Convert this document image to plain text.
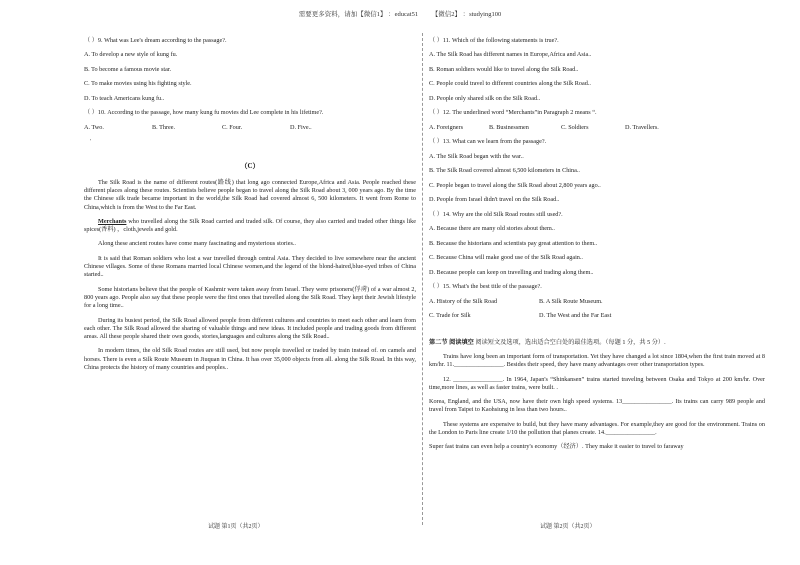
需要更多资料，请加【微信1】 ：educat51 【微信2】 ：studying100
（ ）9. What was Lee's dream according to the passage?.
A. To develop a new style of kung fu.
B. To become a famous movie star.
C. To make movies using his fighting style.
D. To teach Americans kung fu..
（ ）10. According to the passage, how many kung fu movies did Lee complete in his lifetime?.
A. Two.	B. Three.	C. Four.	D. Five..
'
（C）

The Silk Road is the name of different routes(路线) that long ago connected Europe,Africa and Asia. People reached these different places along these routes. Scientists believe people began to travel along the Silk Road about 3, 000 years ago. By the time the Chinese silk trade became important in the world,the Silk Road had covered almost 6, 500 kilometers. It went from Rome to China,which is from the West to the Far East.

Merchants who travelled along the Silk Road carried and traded silk. Of course, they also carried and traded other things like spices(香料) ，cloth,jewels and gold.

Along these ancient routes have come many fascinating and mysterious stories..

It is said that Roman soldiers who lost a war travelled through central Asia. They decided to live somewhere near the ancient Chinese villages. Some of these Romans married local Chinese women,and the legend of the blond-haired,blue-eyed tribes of China started..

Some historians believe that the people of Kashmir were taken away from Israel. They were prisoners(俘虏) of a war almost 2, 800 years ago. People also say that these people were the first ones that travelled along the Silk Road. They kept their Jewish lifestyle for a long time..

During its busiest period, the Silk Road allowed people from different cultures and countries to meet each other and learn from each other. The Silk Road allowed the sharing of valuable things and new ideas. It included people and trading goods from different areas. All these people shared their own goods, stories,languages and cultures along the Silk Road..

In modern times, the old Silk Road routes are still used, but now people travelled or traded by train instead of. on camels and horses. There is even a Silk Route Museum in Jiuquan in China. It has over 35,000 objects from all. along the Silk Road. In this way, China protects the history of many countries and peoples..

（ ）11. Which of the following statements is true?.
A. The Silk Road has different names in Europe,Africa and Asia..
B. Roman soldiers would like to travel along the Silk Road..
C. People could travel to different countries along the Silk Road..
D. People only shared silk on the Silk Road..
（ ）12. The underlined word “Merchants”in Paragraph 2 means “.
A. Foreigners	B. Businessmen	C. Soldiers	D. Travellers.
（ ）13. What can we learn from the passage?.
A. The Silk Road began with the war..
B. The Silk Road covered almost 6,500 kilometers in China..
C. People began to travel along the Silk Road about 2,800 years ago..
D. People from Israel didn't travel on the Silk Road..
（ ）14. Why are the old Silk Road routes still used?.
A. Because there are many old stories about them..
B. Because the historians and scientists pay great attention to them..
C. Because China will make good use of the Silk Road again..
D. Because people can keep on travelling and trading along them..
（ ）15. What's the best title of the passage?.
A. History of the Silk Road	B. A Silk Route Museum.
C. Trade for Silk	D. The West and the Far East
第二节 阅读填空 阅读短文及选项，选出适合空白处的最佳选项。（每题 1 分，共 5 分）.

Trains have long been an important form of transportation. Yet they have changed a lot since 1804,when the first train moved at 8 km/hr. 11.________________. Besides their speed, they have many advantages over other transportation types.

12. ________________. In 1964, Japan's “Shinkansen” trains started traveling between Osaka and Tokyo at 200 km/hr. Over time,more lines, as well as faster trains, were built. .

Korea, England, and the USA, now have their own high speed systems. 13________________. Its trains can carry 989 people and travel from Taipei to Kaohsiung in less than two hours..

These systems are expensive to build, but they have many advantages. For example,they are good for the environment. Trains on the London to Paris line create 1/10 the pollution that planes create. 14.________________.

Super fast trains can even help a country's economy（经济）. They make it easier to travel to faraway

试题 第1页（共2页）	试题 第2页（共2页）
